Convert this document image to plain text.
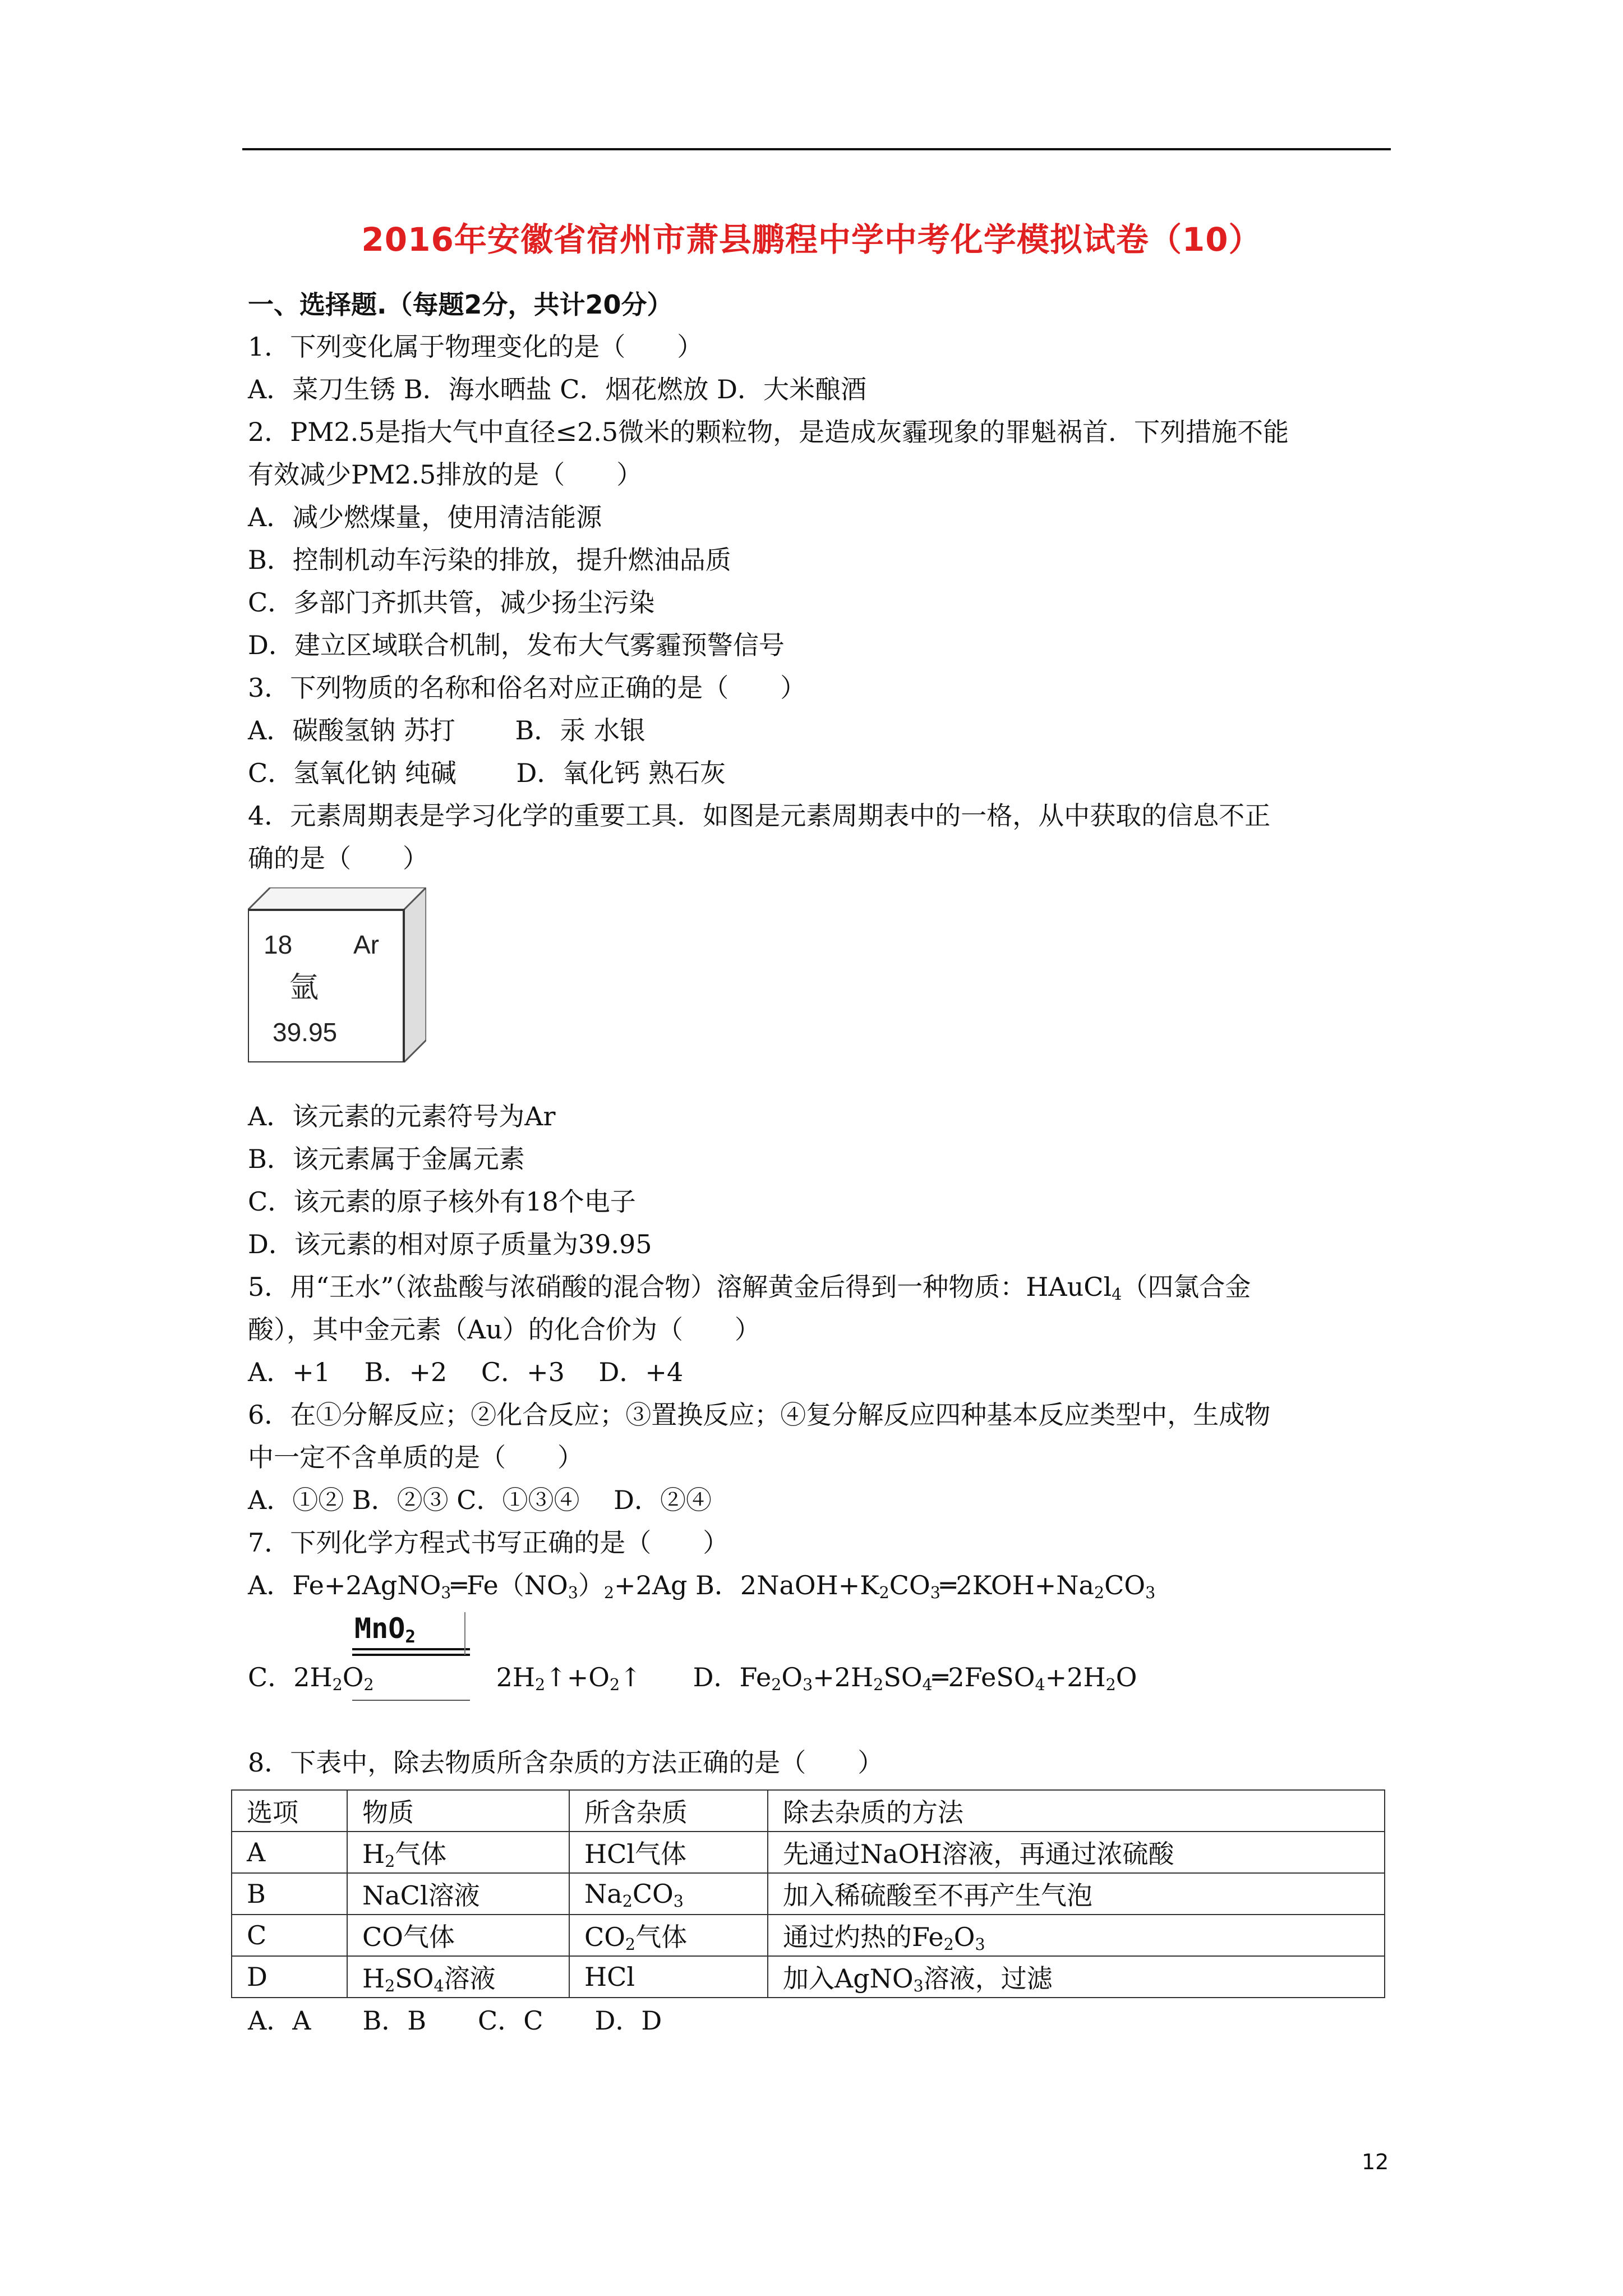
2016年安徽省宿州市萧县鹏程中学中考化学模拟试卷（10）
一、选择题.（每题2分，共计20分）
1．下列变化属于物理变化的是（　　）
A．菜刀生锈 B．海水晒盐 C．烟花燃放 D．大米酿酒
2．PM2.5是指大气中直径≤2.5微米的颗粒物，是造成灰霾现象的罪魁祸首．下列措施不能
有效减少PM2.5排放的是（　　）
A．减少燃煤量，使用清洁能源
B．控制机动车污染的排放，提升燃油品质
C．多部门齐抓共管，减少扬尘污染
D．建立区域联合机制，发布大气雾霾预警信号
3．下列物质的名称和俗名对应正确的是（　　）
A．碳酸氢钠 苏打　　 B．汞 水银
C．氢氧化钠 纯碱　　 D．氧化钙 熟石灰
4．元素周期表是学习化学的重要工具．如图是元素周期表中的一格，从中获取的信息不正
确的是（　　）
18 Ar
氩
39.95
A．该元素的元素符号为Ar
B．该元素属于金属元素
C．该元素的原子核外有18个电子
D．该元素的相对原子质量为39.95
5．用“王水”（浓盐酸与浓硝酸的混合物）溶解黄金后得到一种物质：HAuCl$_4$（四氯合金
酸），其中金元素（Au）的化合价为（　　）
A．+1　 B．+2　 C．+3　 D．+4
6．在①分解反应；②化合反应；③置换反应；④复分解反应四种基本反应类型中，生成物
中一定不含单质的是（　　）
A．①② B．②③ C．①③④　 D．②④
7．下列化学方程式书写正确的是（　　）
A．$Fe+2AgNO_3═Fe(NO_3)_2+2Ag$ B．$2NaOH+K_2CO_3═2KOH+Na_2CO_3$
MnO$_2$
C．$2H_2O_2$	$2H_2↑+O_2↑$　　D．$Fe_2O_3+2H_2SO_4═2FeSO_4+2H_2O$
8．下表中，除去物质所含杂质的方法正确的是（　　）
选项	物质	所含杂质	除去杂质的方法
A	$H_2$气体	HCl气体	先通过NaOH溶液，再通过浓硫酸
B	NaCl溶液	$Na_2CO_3$	加入稀硫酸至不再产生气泡
C	CO气体	$CO_2$气体	通过灼热的$Fe_2O_3$
D	$H_2SO_4$溶液	HCl	加入AgNO$_3$溶液，过滤
A．A　　B．B　　C．C　　D．D
12
